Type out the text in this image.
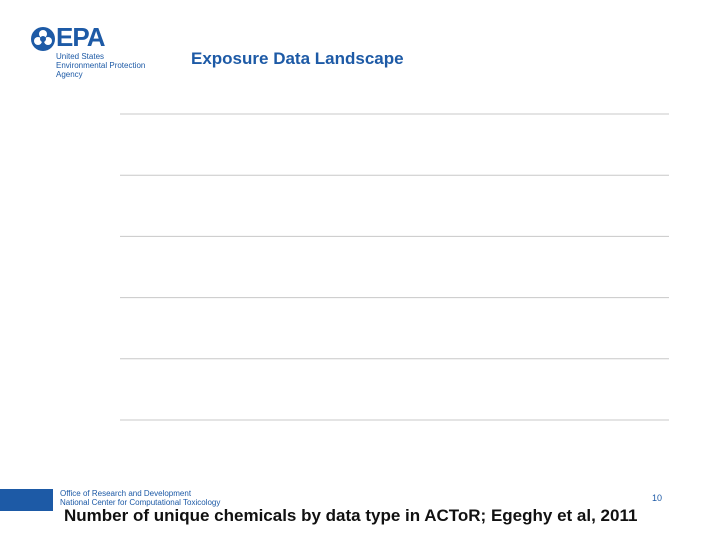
EPA
United States
Environmental Protection
Agency
Exposure Data Landscape
Office of Research and Development
National Center for Computational Toxicology	10
Number of unique chemicals by data type in ACToR; Egeghy et al, 2011
